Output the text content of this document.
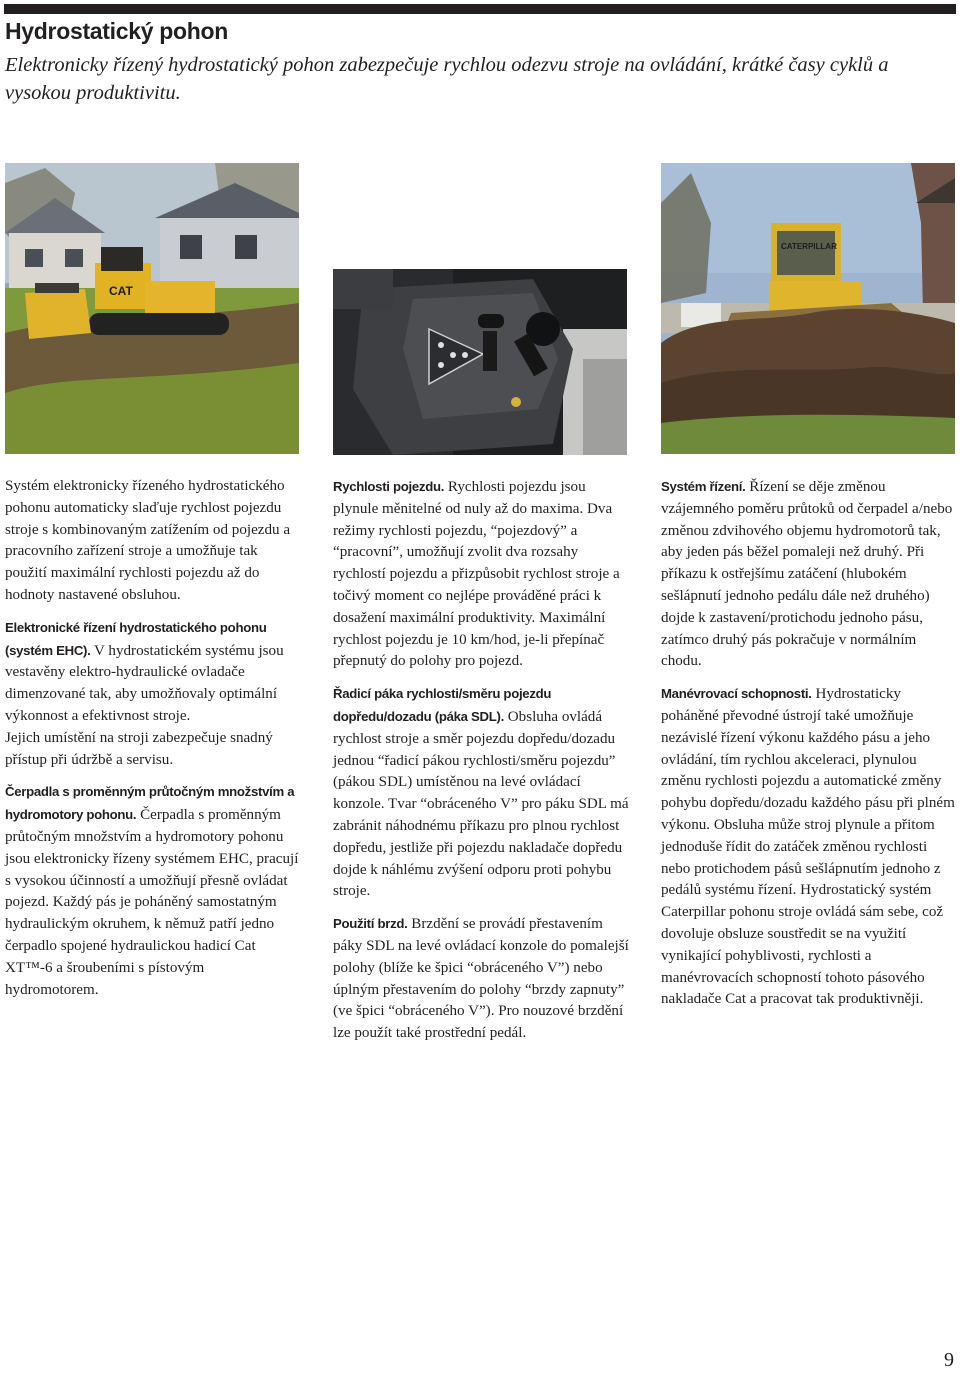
Hydrostatický pohon

Elektronicky řízený hydrostatický pohon zabezpečuje rychlou odezvu stroje na ovládání, krátké časy cyklů a vysokou produktivitu.

CAT
CATERPILLAR

Systém elektronicky řízeného hydrostatického pohonu automaticky slaďuje rychlost pojezdu stroje s kombinovaným zatížením od pojezdu a pracovního zařízení stroje a umožňuje tak použití maximální rychlosti pojezdu až do hodnoty nastavené obsluhou.

Elektronické řízení hydrostatického pohonu (systém EHC). V hydrostatickém systému jsou vestavěny elektro-hydraulické ovladače dimenzované tak, aby umožňovaly optimální výkonnost a efektivnost stroje.
Jejich umístění na stroji zabezpečuje snadný přístup při údržbě a servisu.

Čerpadla s proměnným průtočným množstvím a hydromotory pohonu. Čerpadla s proměnným průtočným množstvím a hydromotory pohonu jsou elektronicky řízeny systémem EHC, pracují s vysokou účinností a umožňují přesně ovládat pojezd. Každý pás je poháněný samostatným hydraulickým okruhem, k němuž patří jedno čerpadlo spojené hydraulickou hadicí Cat XT™-6 a šroubeními s pístovým hydromotorem.

Rychlosti pojezdu. Rychlosti pojezdu jsou plynule měnitelné od nuly až do maxima. Dva režimy rychlosti pojezdu, “pojezdový” a “pracovní”, umožňují zvolit dva rozsahy rychlostí pojezdu a přizpůsobit rychlost stroje a točivý moment co nejlépe prováděné práci k dosažení maximální produktivity. Maximální rychlost pojezdu je 10 km/hod, je-li přepínač přepnutý do polohy pro pojezd.

Řadicí páka rychlosti/směru pojezdu dopředu/dozadu (páka SDL). Obsluha ovládá rychlost stroje a směr pojezdu dopředu/dozadu jednou “řadicí pákou rychlosti/směru pojezdu” (pákou SDL) umístěnou na levé ovládací konzole. Tvar “obráceného V” pro páku SDL má zabránit náhodnému příkazu pro plnou rychlost dopředu, jestliže při pojezdu nakladače dopředu dojde k náhlému zvýšení odporu proti pohybu stroje.

Použití brzd. Brzdění se provádí přestavením páky SDL na levé ovládací konzole do pomalejší polohy (blíže ke špici “obráceného V”) nebo úplným přestavením do polohy “brzdy zapnuty” (ve špici “obráceného V”). Pro nouzové brzdění lze použít také prostřední pedál.

Systém řízení. Řízení se děje změnou vzájemného poměru průtoků od čerpadel a/nebo změnou zdvihového objemu hydromotorů tak, aby jeden pás běžel pomaleji než druhý. Při příkazu k ostřejšímu zatáčení (hlubokém sešlápnutí jednoho pedálu dále než druhého) dojde k zastavení/protichodu jednoho pásu, zatímco druhý pás pokračuje v normálním chodu.

Manévrovací schopnosti. Hydrostaticky poháněné převodné ústrojí také umožňuje nezávislé řízení výkonu každého pásu a jeho ovládání, tím rychlou akceleraci, plynulou změnu rychlosti pojezdu a automatické změny pohybu dopředu/dozadu každého pásu při plném výkonu. Obsluha může stroj plynule a přitom jednoduše řídit do zatáček změnou rychlosti nebo protichodem pásů sešlápnutím jednoho z pedálů systému řízení. Hydrostatický systém Caterpillar pohonu stroje ovládá sám sebe, což dovoluje obsluze soustředit se na využití vynikající pohyblivosti, rychlosti a manévrovacích schopností tohoto pásového nakladače Cat a pracovat tak produktivněji.

9
